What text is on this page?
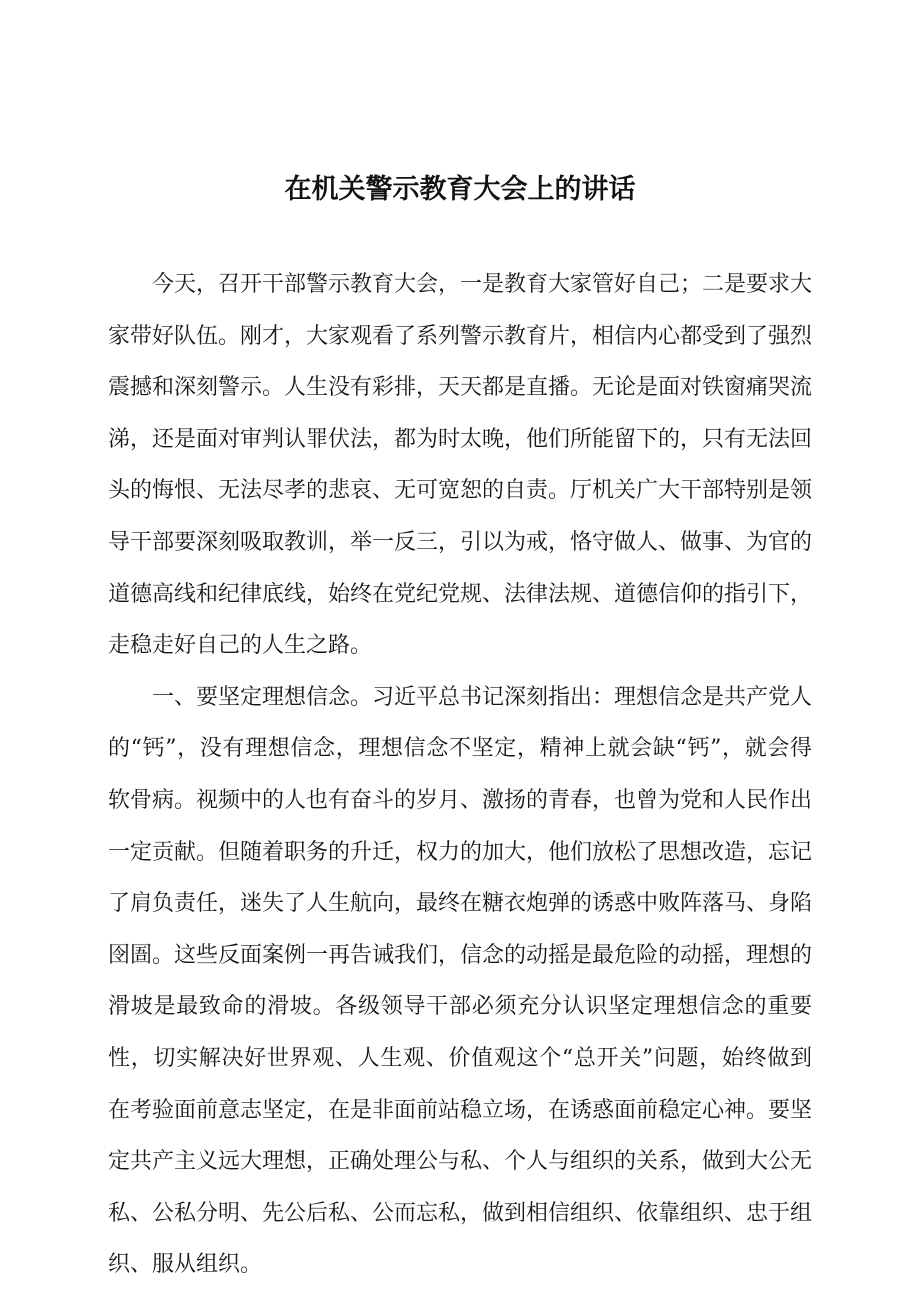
在机关警示教育大会上的讲话

今天，召开干部警示教育大会，一是教育大家管好自己；二是要求大家带好队伍。刚才，大家观看了系列警示教育片，相信内心都受到了强烈震撼和深刻警示。人生没有彩排，天天都是直播。无论是面对铁窗痛哭流涕，还是面对审判认罪伏法，都为时太晚，他们所能留下的，只有无法回头的悔恨、无法尽孝的悲哀、无可宽恕的自责。厅机关广大干部特别是领导干部要深刻吸取教训，举一反三，引以为戒，恪守做人、做事、为官的道德高线和纪律底线，始终在党纪党规、法律法规、道德信仰的指引下，走稳走好自己的人生之路。

一、要坚定理想信念。习近平总书记深刻指出：理想信念是共产党人的“钙”，没有理想信念，理想信念不坚定，精神上就会缺“钙”，就会得软骨病。视频中的人也有奋斗的岁月、激扬的青春，也曾为党和人民作出一定贡献。但随着职务的升迁，权力的加大，他们放松了思想改造，忘记了肩负责任，迷失了人生航向，最终在糖衣炮弹的诱惑中败阵落马、身陷囹圄。这些反面案例一再告诫我们，信念的动摇是最危险的动摇，理想的滑坡是最致命的滑坡。各级领导干部必须充分认识坚定理想信念的重要性，切实解决好世界观、人生观、价值观这个“总开关”问题，始终做到在考验面前意志坚定，在是非面前站稳立场，在诱惑面前稳定心神。要坚定共产主义远大理想，正确处理公与私、个人与组织的关系，做到大公无私、公私分明、先公后私、公而忘私，做到相信组织、依靠组织、忠于组织、服从组织。
